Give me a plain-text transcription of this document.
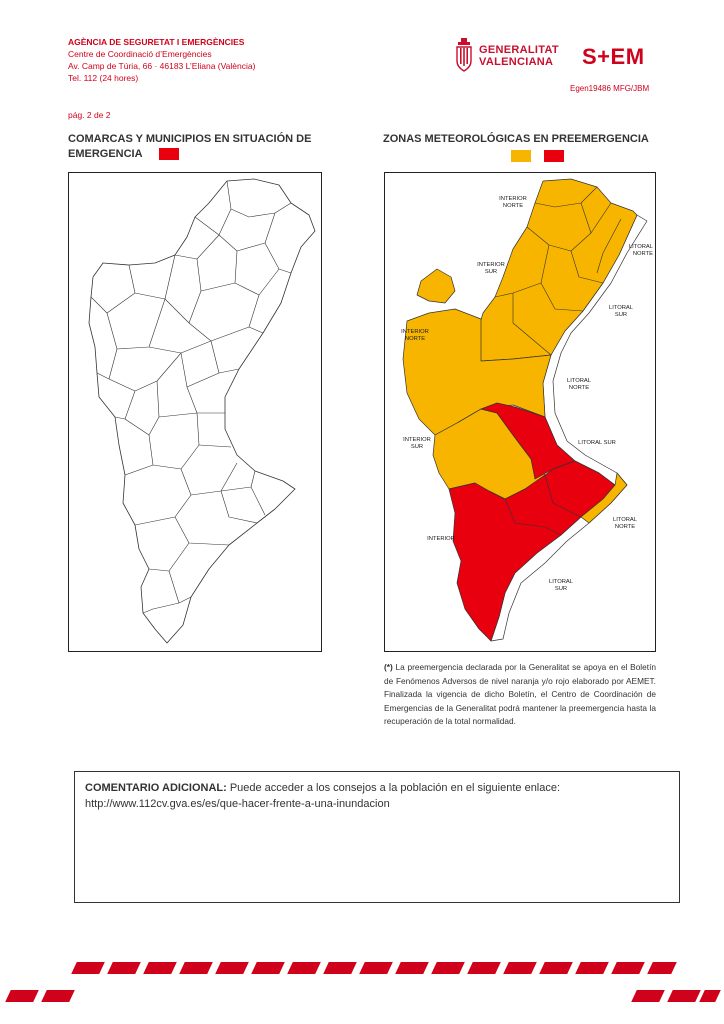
AGÈNCIA DE SEGURETAT I EMERGÈNCIES
Centre de Coordinació d’Emergències
Av. Camp de Túria, 66 · 46183 L’Eliana (València)
Tel. 112 (24 hores)
GENERALITAT
VALENCIANA S+EM
Egen19486 MFG/JBM
pág. 2 de 2
COMARCAS Y MUNICIPIOS EN SITUACIÓN DE
EMERGENCIA
ZONAS METEOROLÓGICAS EN PREEMERGENCIA

INTERIOR
NORTE
LITORAL
NORTE
INTERIOR
SUR
LITORAL
SUR
INTERIOR
NORTE
LITORAL
NORTE
INTERIOR
SUR
LITORAL SUR
LITORAL
NORTE
INTERIOR
LITORAL
SUR
(*) La preemergencia declarada por la Generalitat se apoya en el Boletín de Fenómenos Adversos de nivel naranja y/o rojo elaborado por AEMET. Finalizada la vigencia de dicho Boletín, el Centro de Coordinación de Emergencias de la Generalitat podrá mantener la preemergencia hasta la recuperación de la total normalidad.
COMENTARIO ADICIONAL: Puede acceder a los consejos a la población en el siguiente enlace:
http://www.112cv.gva.es/es/que-hacer-frente-a-una-inundacion
